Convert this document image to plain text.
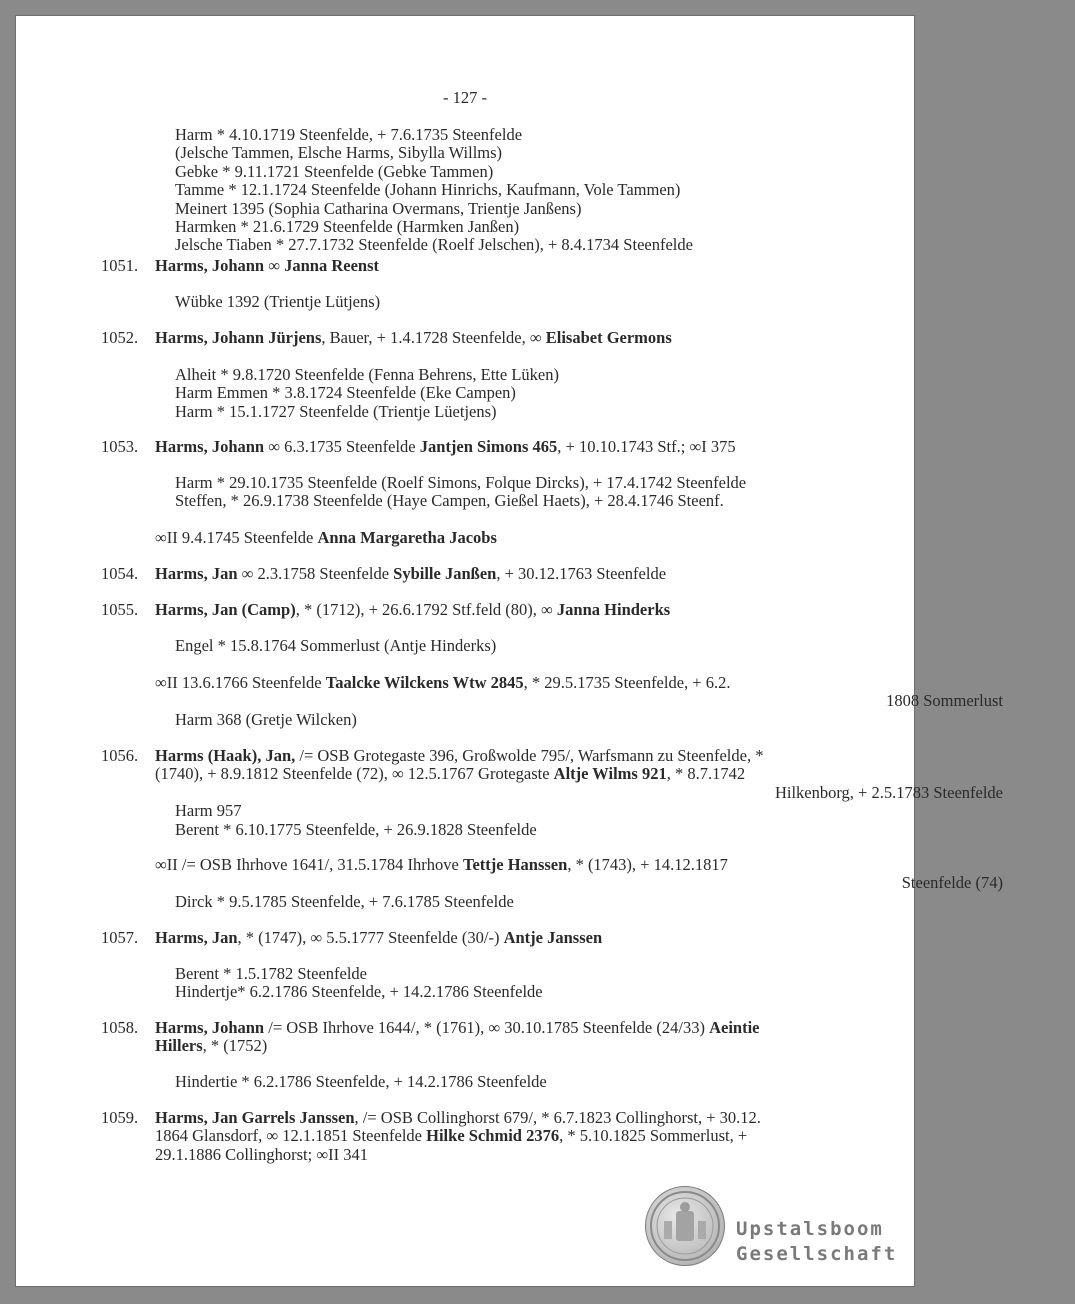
- 127 -
Harm * 4.10.1719 Steenfelde, + 7.6.1735 Steenfelde
(Jelsche Tammen, Elsche Harms, Sibylla Willms)
Gebke * 9.11.1721 Steenfelde (Gebke Tammen)
Tamme * 12.1.1724 Steenfelde (Johann Hinrichs, Kaufmann, Vole Tammen)
Meinert 1395 (Sophia Catharina Overmans, Trientje Janßens)
Harmken * 21.6.1729 Steenfelde (Harmken Janßen)
Jelsche Tiaben * 27.7.1732 Steenfelde (Roelf Jelschen), + 8.4.1734 Steenfelde
1051. Harms, Johann ∞ Janna Reenst
Wübke 1392 (Trientje Lütjens)
1052. Harms, Johann Jürjens, Bauer, + 1.4.1728 Steenfelde, ∞ Elisabet Germons
Alheit * 9.8.1720 Steenfelde (Fenna Behrens, Ette Lüken)
Harm Emmen * 3.8.1724 Steenfelde (Eke Campen)
Harm * 15.1.1727 Steenfelde (Trientje Lüetjens)
1053. Harms, Johann ∞ 6.3.1735 Steenfelde Jantjen Simons 465, + 10.10.1743 Stf.; ∞I 375
Harm * 29.10.1735 Steenfelde (Roelf Simons, Folque Dircks), + 17.4.1742 Steenfelde
Steffen, * 26.9.1738 Steenfelde (Haye Campen, Gießel Haets), + 28.4.1746 Steenf.
∞II 9.4.1745 Steenfelde Anna Margaretha Jacobs
1054. Harms, Jan ∞ 2.3.1758 Steenfelde Sybille Janßen, + 30.12.1763 Steenfelde
1055. Harms, Jan (Camp), * (1712), + 26.6.1792 Stf.feld (80), ∞ Janna Hinderks
Engel * 15.8.1764 Sommerlust (Antje Hinderks)
∞II 13.6.1766 Steenfelde Taalcke Wilckens Wtw 2845, * 29.5.1735 Steenfelde, + 6.2.
1808 Sommerlust
Harm 368 (Gretje Wilcken)
1056. Harms (Haak), Jan, /= OSB Grotegaste 396, Großwolde 795/, Warfsmann zu Steenfelde, *
(1740), + 8.9.1812 Steenfelde (72), ∞ 12.5.1767 Grotegaste Altje Wilms 921, * 8.7.1742
Hilkenborg, + 2.5.1783 Steenfelde
Harm 957
Berent * 6.10.1775 Steenfelde, + 26.9.1828 Steenfelde
∞II /= OSB Ihrhove 1641/, 31.5.1784 Ihrhove Tettje Hanssen, * (1743), + 14.12.1817
Steenfelde (74)
Dirck * 9.5.1785 Steenfelde, + 7.6.1785 Steenfelde
1057. Harms, Jan, * (1747), ∞ 5.5.1777 Steenfelde (30/-) Antje Janssen
Berent * 1.5.1782 Steenfelde
Hindertje* 6.2.1786 Steenfelde, + 14.2.1786 Steenfelde
1058. Harms, Johann /= OSB Ihrhove 1644/, * (1761), ∞ 30.10.1785 Steenfelde (24/33) Aeintie
Hillers, * (1752)
Hindertie * 6.2.1786 Steenfelde, + 14.2.1786 Steenfelde
1059. Harms, Jan Garrels Janssen, /= OSB Collinghorst 679/, * 6.7.1823 Collinghorst, + 30.12.
1864 Glansdorf, ∞ 12.1.1851 Steenfelde Hilke Schmid 2376, * 5.10.1825 Sommerlust, +
29.1.1886 Collinghorst; ∞II 341
Upstalsboom
Gesellschaft
